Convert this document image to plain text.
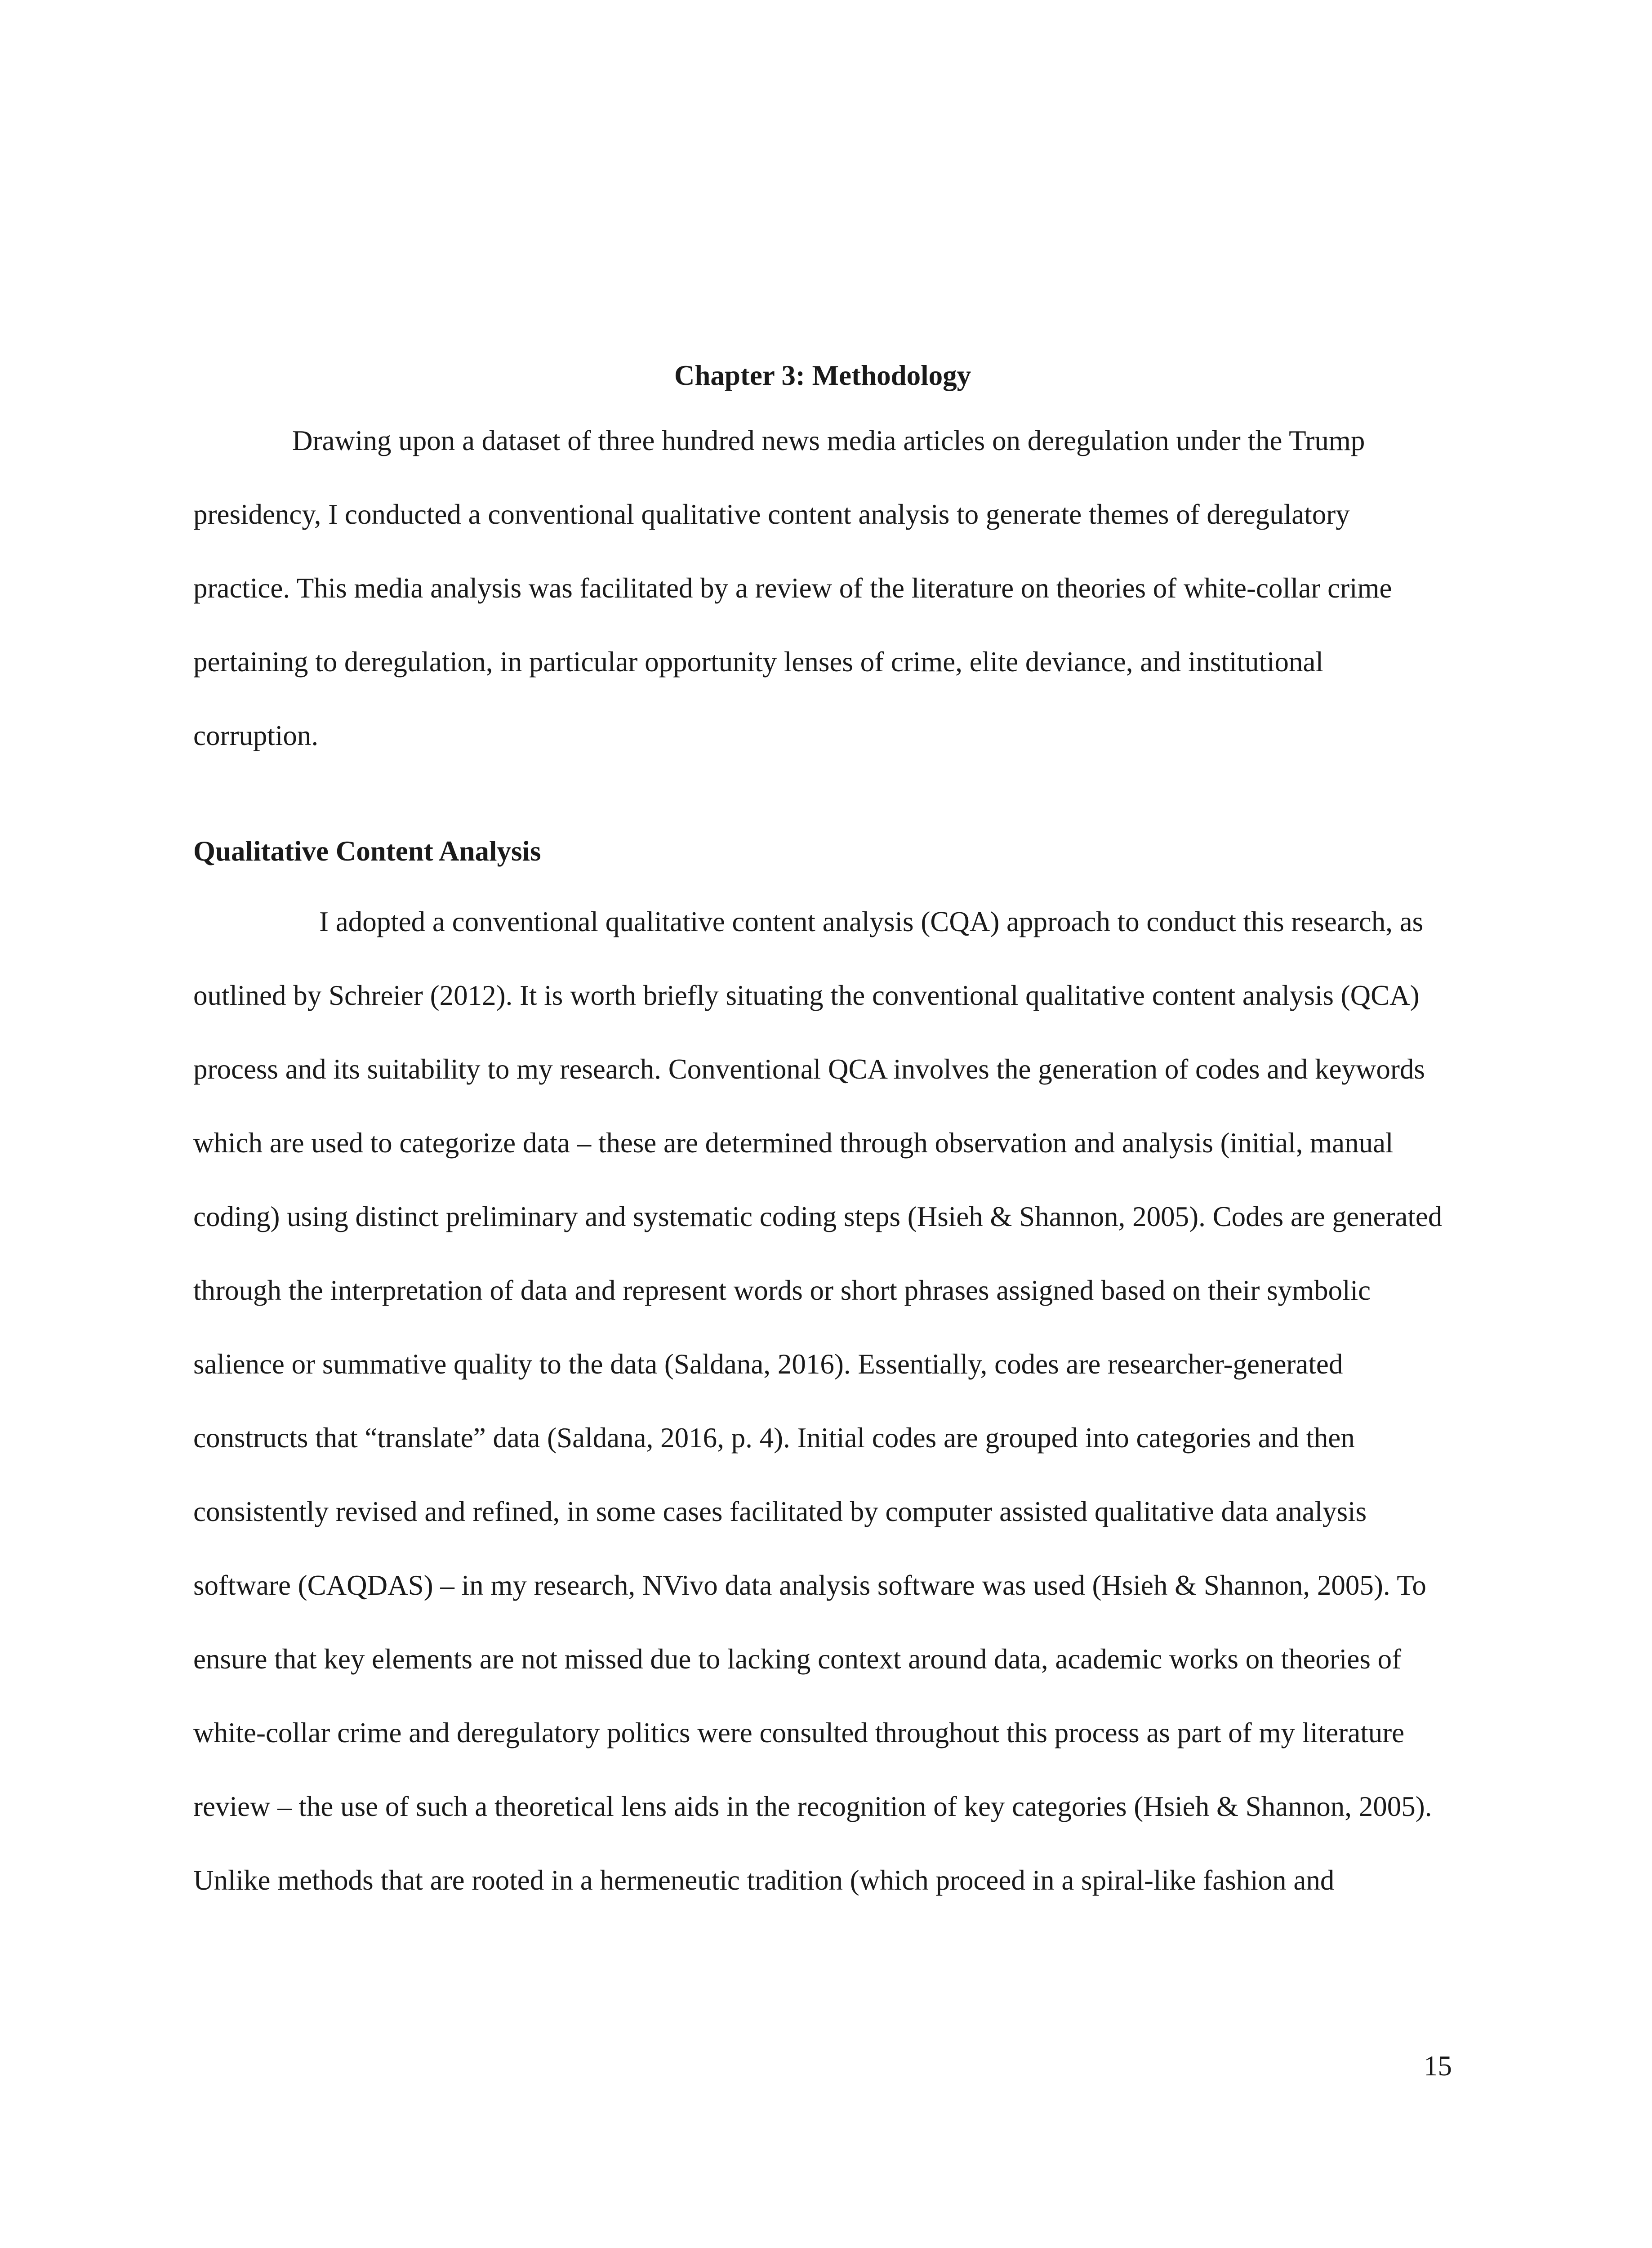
Chapter 3: Methodology

Drawing upon a dataset of three hundred news media articles on deregulation under the Trump presidency, I conducted a conventional qualitative content analysis to generate themes of deregulatory practice. This media analysis was facilitated by a review of the literature on theories of white-collar crime pertaining to deregulation, in particular opportunity lenses of crime, elite deviance, and institutional corruption.

Qualitative Content Analysis

I adopted a conventional qualitative content analysis (CQA) approach to conduct this research, as outlined by Schreier (2012). It is worth briefly situating the conventional qualitative content analysis (QCA) process and its suitability to my research. Conventional QCA involves the generation of codes and keywords which are used to categorize data – these are determined through observation and analysis (initial, manual coding) using distinct preliminary and systematic coding steps (Hsieh & Shannon, 2005). Codes are generated through the interpretation of data and represent words or short phrases assigned based on their symbolic salience or summative quality to the data (Saldana, 2016). Essentially, codes are researcher-generated constructs that “translate” data (Saldana, 2016, p. 4). Initial codes are grouped into categories and then consistently revised and refined, in some cases facilitated by computer assisted qualitative data analysis software (CAQDAS) – in my research, NVivo data analysis software was used (Hsieh & Shannon, 2005). To ensure that key elements are not missed due to lacking context around data, academic works on theories of white-collar crime and deregulatory politics were consulted throughout this process as part of my literature review – the use of such a theoretical lens aids in the recognition of key categories (Hsieh & Shannon, 2005). Unlike methods that are rooted in a hermeneutic tradition (which proceed in a spiral-like fashion and

15
